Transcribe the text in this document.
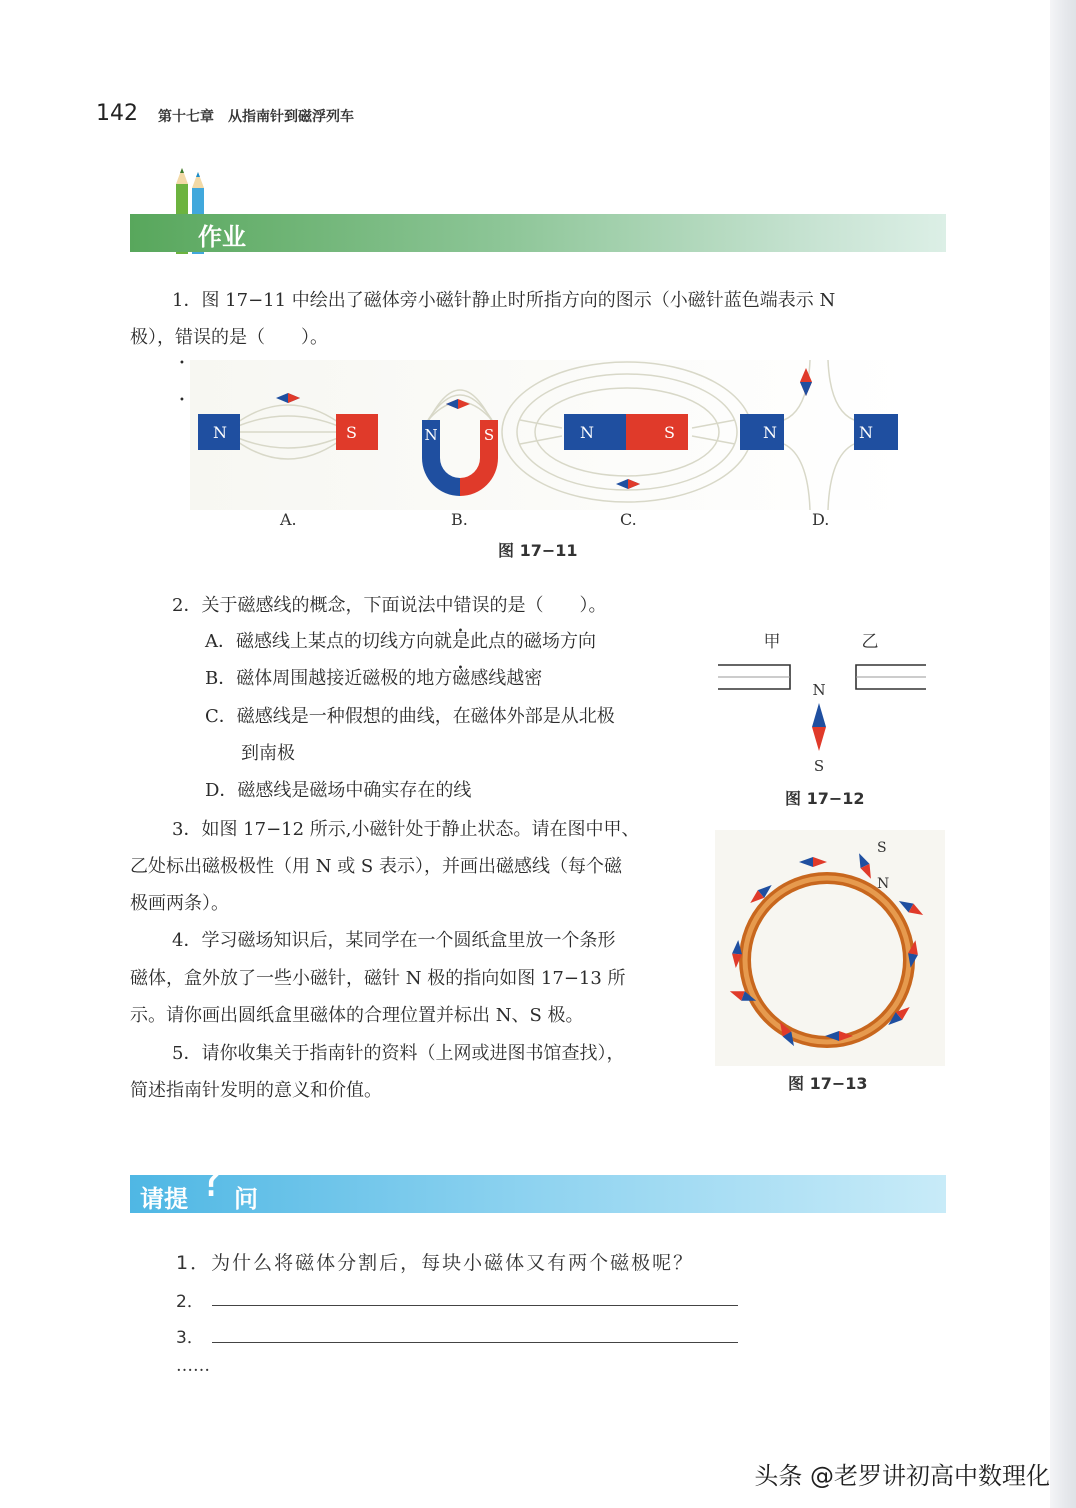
142 第十七章　从指南针到磁浮列车
作业
1．图 17−11 中绘出了磁体旁小磁针静止时所指方向的图示（小磁针蓝色端表示 N
极），错误 • •的是（　　）。
N	S	N	S	N	S	N	N
A.	B.	C.	D.
图 17−11
2．关于磁感线的概念，下面说法中错误 • •的是（　　）。
A．磁感线上某点的切线方向就是此点的磁场方向
B．磁体周围越接近磁极的地方磁感线越密
C．磁感线是一种假想的曲线，在磁体外部是从北极
到南极
D．磁感线是磁场中确实存在的线
甲	乙
N
S
图 17−12
3．如图 17−12 所示,小磁针处于静止状态。请在图中甲、
乙处标出磁极极性（用 N 或 S 表示），并画出磁感线（每个磁
极画两条）。
4．学习磁场知识后，某同学在一个圆纸盒里放一个条形
磁体，盒外放了一些小磁针，磁针 N 极的指向如图 17−13 所
示。请你画出圆纸盒里磁体的合理位置并标出 N、S 极。
5．请你收集关于指南针的资料（上网或进图书馆查找），
简述指南针发明的意义和价值。
S
N
图 17−13
请提 ? 问
1．为什么将磁体分割后，每块小磁体又有两个磁极呢？
2．
3．
……
头条 @老罗讲初高中数理化
